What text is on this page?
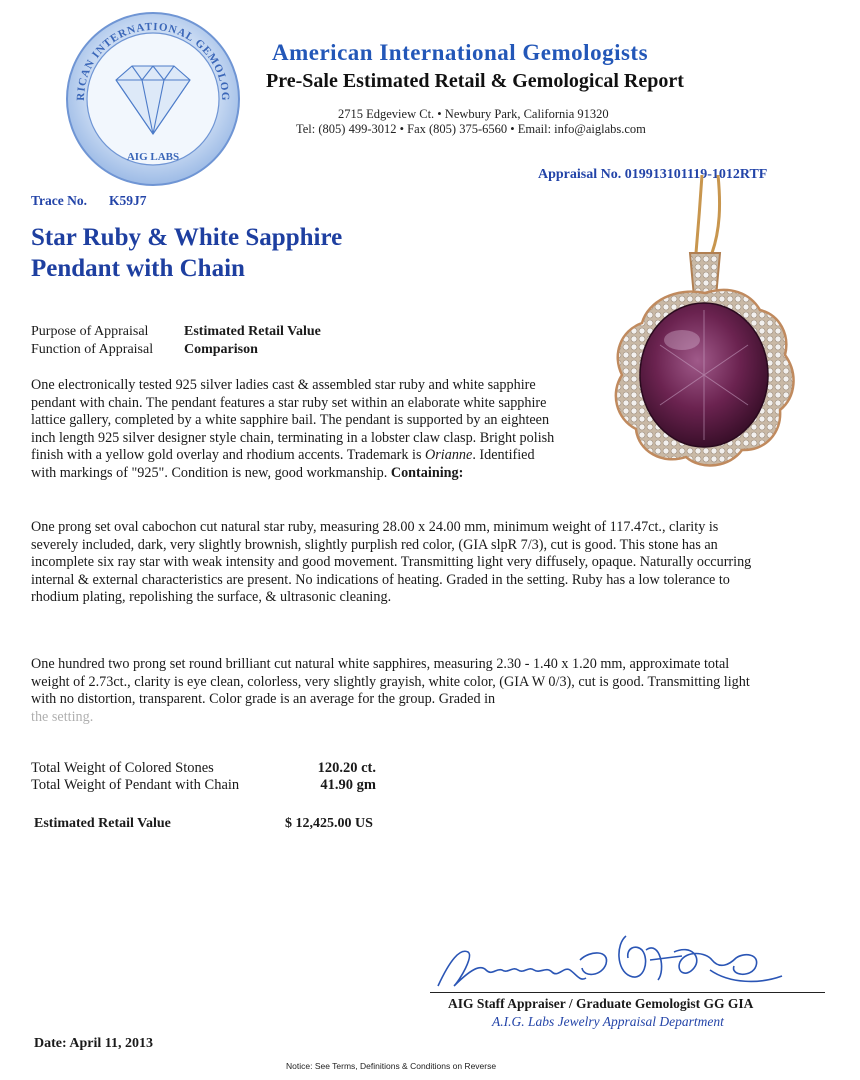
RICAN INTERNATIONAL GEMOLOG
AIG LABS
American International Gemologists
Pre-Sale Estimated Retail & Gemological Report
2715 Edgeview Ct. • Newbury Park, California 91320
Tel: (805) 499-3012 • Fax (805) 375-6560 • Email: info@aiglabs.com
Appraisal No. 019913101119-1012RTF
Trace No. K59J7
Star Ruby & White Sapphire
Pendant with Chain
Purpose of Appraisal	Estimated Retail Value
Function of Appraisal	Comparison
One electronically tested 925 silver ladies cast & assembled star ruby and white sapphire pendant with chain. The pendant features a star ruby set within an elaborate white sapphire lattice gallery, completed by a white sapphire bail. The pendant is supported by an eighteen inch length 925 silver designer style chain, terminating in a lobster claw clasp. Bright polish finish with a yellow gold overlay and rhodium accents. Trademark is Orianne. Identified with markings of "925". Condition is new, good workmanship. Containing:
One prong set oval cabochon cut natural star ruby, measuring 28.00 x 24.00 mm, minimum weight of 117.47ct., clarity is severely included, dark, very slightly brownish, slightly purplish red color, (GIA slpR 7/3), cut is good. This stone has an incomplete six ray star with weak intensity and good movement. Transmitting light very diffusely, opaque. Naturally occurring internal & external characteristics are present. No indications of heating. Graded in the setting. Ruby has a low tolerance to rhodium plating, repolishing the surface, & ultrasonic cleaning.
One hundred two prong set round brilliant cut natural white sapphires, measuring 2.30 - 1.40 x 1.20 mm, approximate total weight of 2.73ct., clarity is eye clean, colorless, very slightly grayish, white color, (GIA W 0/3), cut is good. Transmitting light with no distortion, transparent. Color grade is an average for the group. Graded in
the setting.
Total Weight of Colored Stones	120.20 ct.
Total Weight of Pendant with Chain	41.90 gm
Estimated Retail Value	$ 12,425.00 US
AIG Staff Appraiser / Graduate Gemologist GG GIA
A.I.G. Labs Jewelry Appraisal Department
Date: April 11, 2013
Notice: See Terms, Definitions & Conditions on Reverse
